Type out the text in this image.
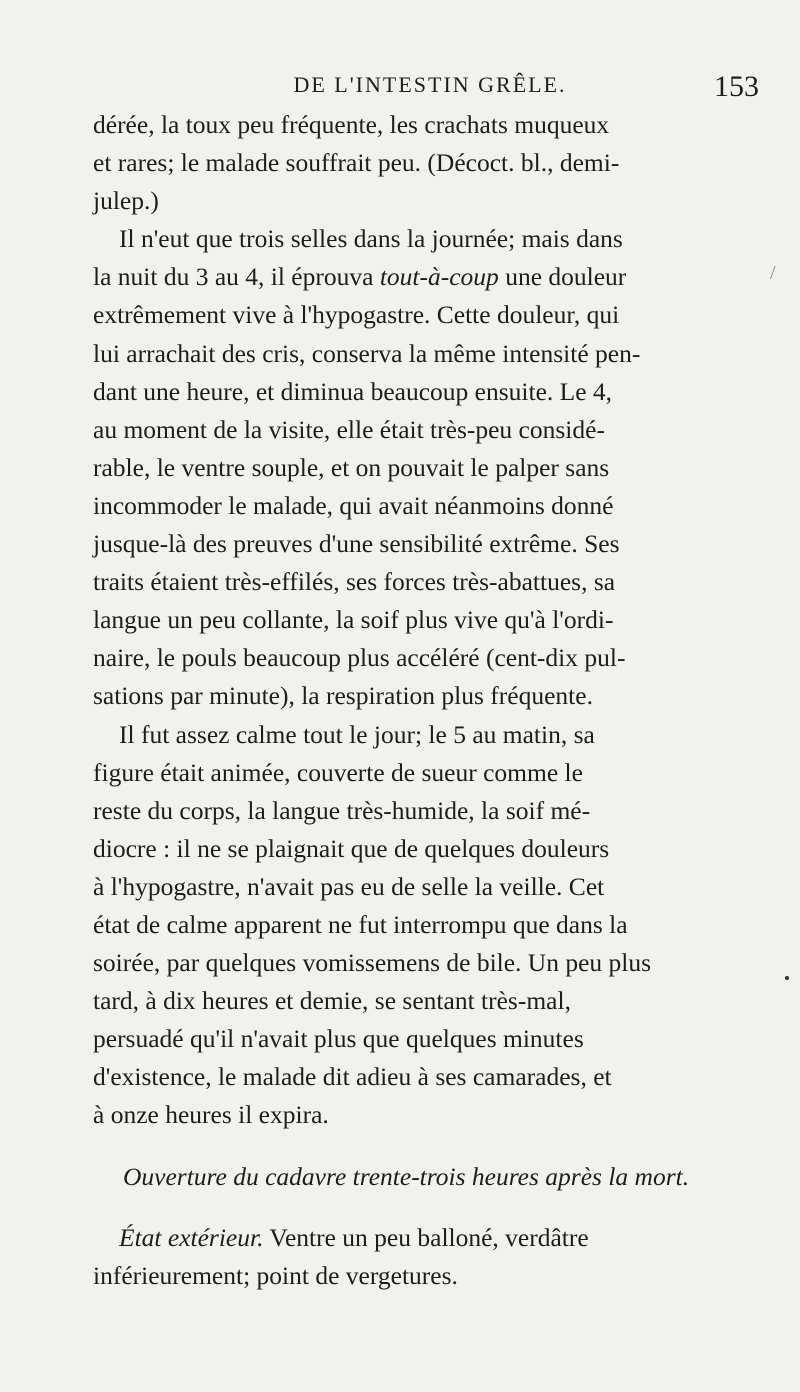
DE L'INTESTIN GRÊLE.	153
/
dérée, la toux peu fréquente, les crachats muqueux
et rares; le malade souffrait peu. (Décoct. bl., demi-
julep.)
Il n'eut que trois selles dans la journée; mais dans
la nuit du 3 au 4, il éprouva tout-à-coup une douleur
extrêmement vive à l'hypogastre. Cette douleur, qui
lui arrachait des cris, conserva la même intensité pen-
dant une heure, et diminua beaucoup ensuite. Le 4,
au moment de la visite, elle était très-peu considé-
rable, le ventre souple, et on pouvait le palper sans
incommoder le malade, qui avait néanmoins donné
jusque-là des preuves d'une sensibilité extrême. Ses
traits étaient très-effilés, ses forces très-abattues, sa
langue un peu collante, la soif plus vive qu'à l'ordi-
naire, le pouls beaucoup plus accéléré (cent-dix pul-
sations par minute), la respiration plus fréquente.
Il fut assez calme tout le jour; le 5 au matin, sa
figure était animée, couverte de sueur comme le
reste du corps, la langue très-humide, la soif mé-
diocre : il ne se plaignait que de quelques douleurs
à l'hypogastre, n'avait pas eu de selle la veille. Cet
état de calme apparent ne fut interrompu que dans la
soirée, par quelques vomissemens de bile. Un peu plus
tard, à dix heures et demie, se sentant très-mal,
persuadé qu'il n'avait plus que quelques minutes
d'existence, le malade dit adieu à ses camarades, et
à onze heures il expira.
Ouverture du cadavre trente-trois heures après la mort.
État extérieur. Ventre un peu balloné, verdâtre
inférieurement; point de vergetures.
